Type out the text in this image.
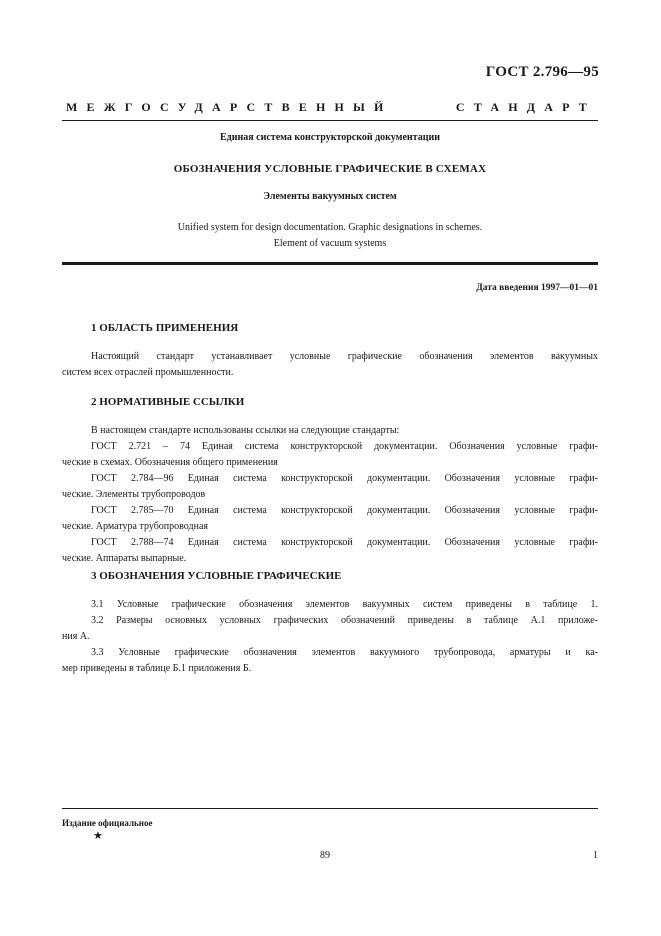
ГОСТ 2.796—95
МЕЖГОСУДАРСТВЕННЫЙ	СТАНДАРТ
Единая система конструкторской документации
ОБОЗНАЧЕНИЯ УСЛОВНЫЕ ГРАФИЧЕСКИЕ В СХЕМАХ
Элементы вакуумных систем
Unified system for design documentation. Graphic designations in schemes.
Element of vacuum systems
Дата введения 1997—01—01
1 ОБЛАСТЬ ПРИМЕНЕНИЯ
Настоящий стандарт устанавливает условные графические обозначения элементов вакуумных
систем всех отраслей промышленности.
2 НОРМАТИВНЫЕ ССЫЛКИ
В настоящем стандарте использованы ссылки на следующие стандарты:
ГОСТ 2.721 – 74 Единая система конструкторской документации. Обозначения условные графи-
ческие в схемах. Обозначения общего применения
ГОСТ 2.784—96 Единая система конструкторской документации. Обозначения условные графи-
ческие. Элементы трубопроводов
ГОСТ 2.785—70 Единая система конструкторской документации. Обозначения условные графи-
ческие. Арматура трубопроводная
ГОСТ 2.788—74 Единая система конструкторской документации. Обозначения условные графи-
ческие. Аппараты выпарные.
3 ОБОЗНАЧЕНИЯ УСЛОВНЫЕ ГРАФИЧЕСКИЕ
3.1 Условные графические обозначения элементов вакуумных систем приведены в таблице 1.
3.2 Размеры основных условных графических обозначений приведены в таблице А.1 приложе-
ния А.
3.3 Условные графические обозначения элементов вакуумного трубопровода, арматуры и ка-
мер приведены в таблице Б.1 приложения Б.
Издание официальное
★
89	1
